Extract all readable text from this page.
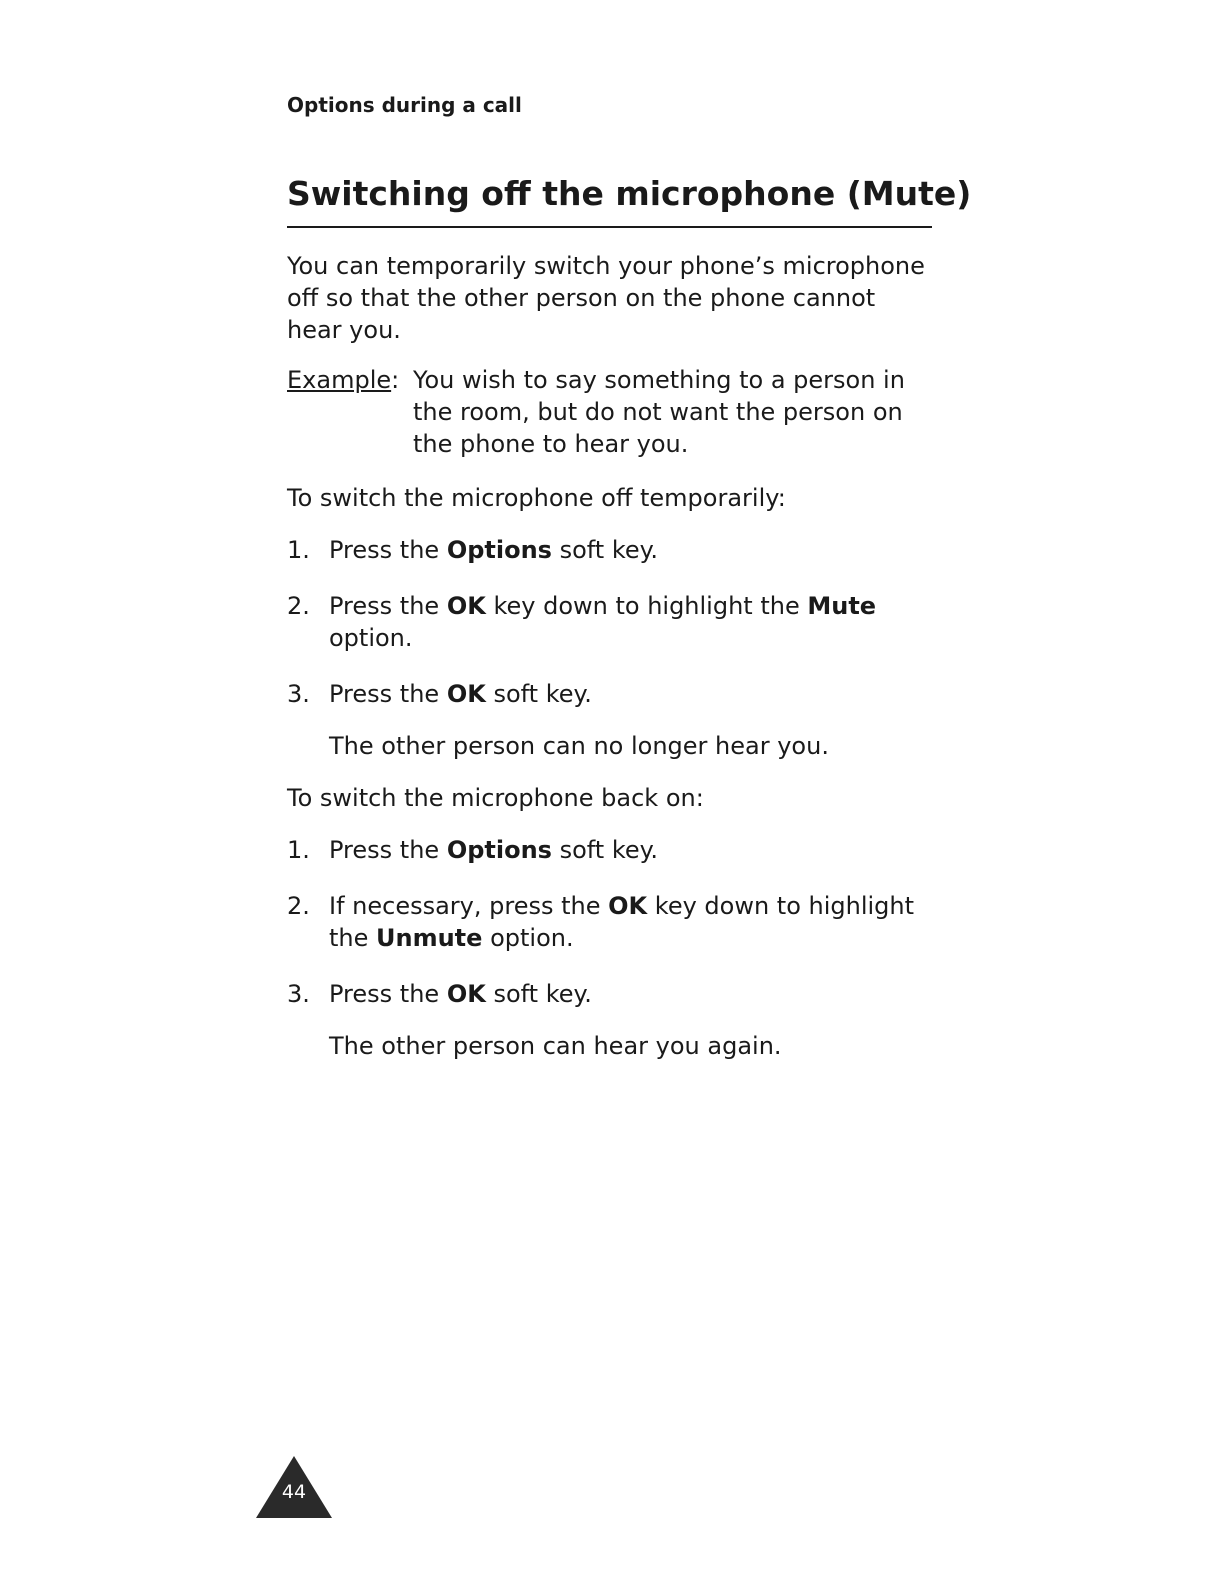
Options during a call
Switching off the microphone (Mute)

You can temporarily switch your phone’s microphone off so that the other person on the phone cannot hear you.

Example: You wish to say something to a person in the room, but do not want the person on the phone to hear you.

To switch the microphone off temporarily:

1. Press the Options soft key.
2. Press the OK key down to highlight the Mute option.
3. Press the OK soft key.

The other person can no longer hear you.

To switch the microphone back on:

1. Press the Options soft key.
2. If necessary, press the OK key down to highlight the Unmute option.
3. Press the OK soft key.

The other person can hear you again.

44
